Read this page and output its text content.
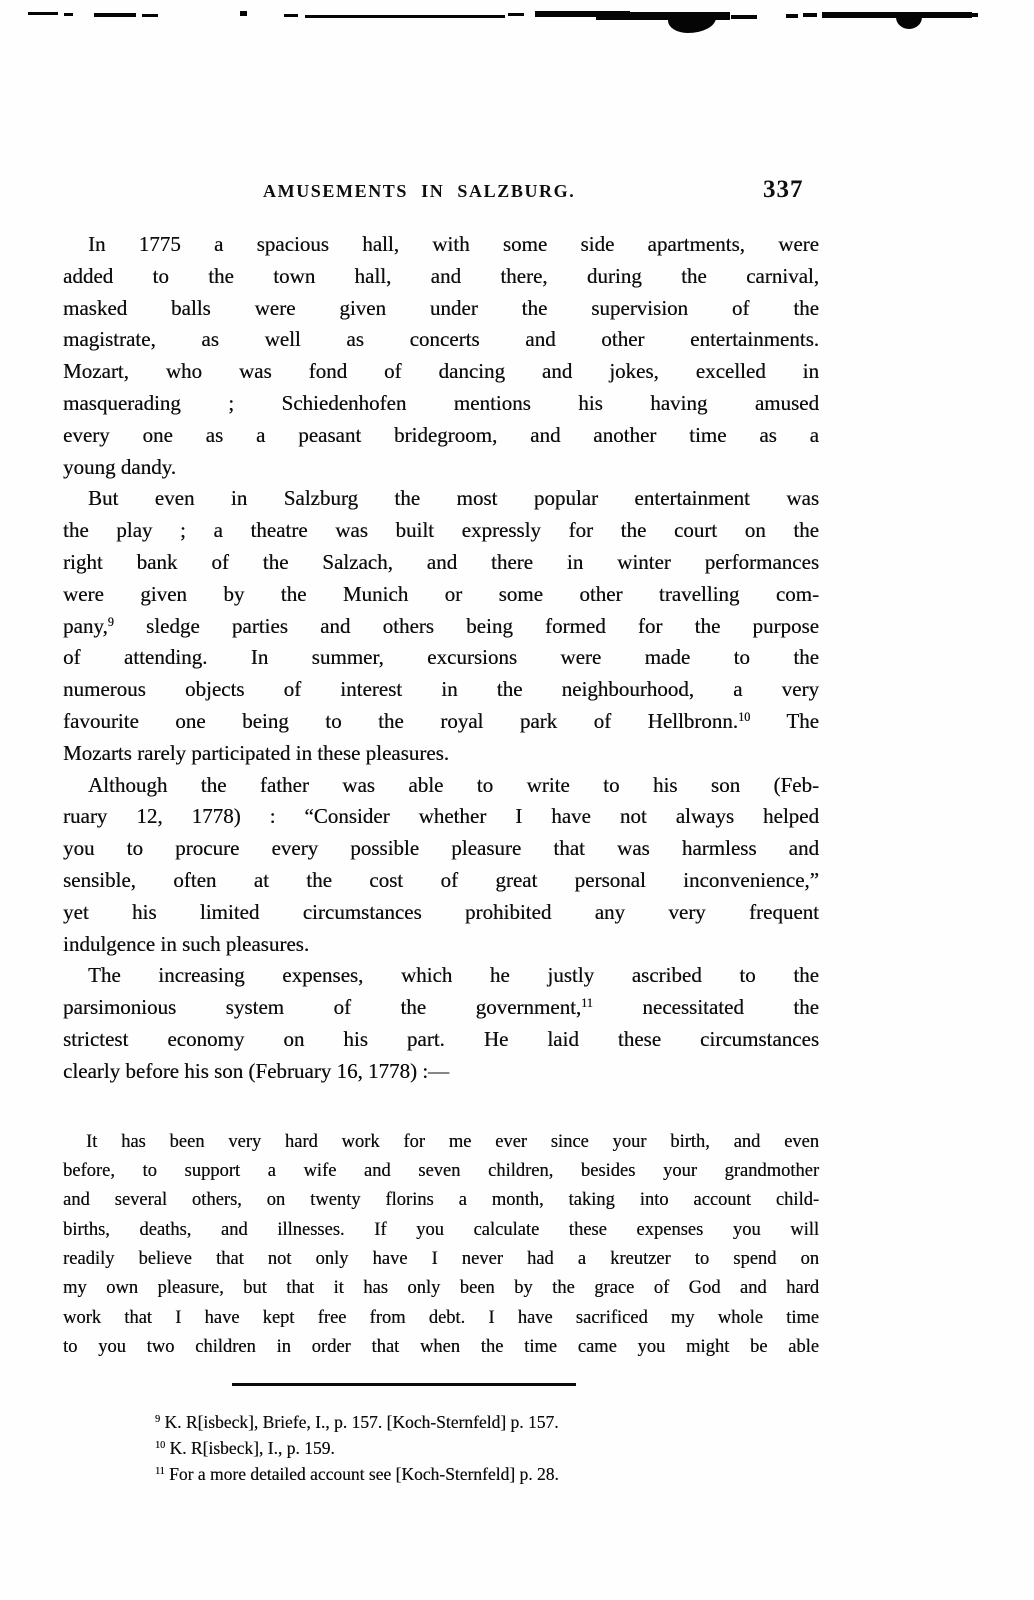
AMUSEMENTS IN SALZBURG.	337
In 1775 a spacious hall, with some side apartments, were
added to the town hall, and there, during the carnival,
masked balls were given under the supervision of the
magistrate, as well as concerts and other entertainments.
Mozart, who was fond of dancing and jokes, excelled in
masquerading ; Schiedenhofen mentions his having amused
every one as a peasant bridegroom, and another time as a
young dandy.
But even in Salzburg the most popular entertainment was
the play ; a theatre was built expressly for the court on the
right bank of the Salzach, and there in winter performances
were given by the Munich or some other travelling com-
pany,$^9$ sledge parties and others being formed for the purpose
of attending. In summer, excursions were made to the
numerous objects of interest in the neighbourhood, a very
favourite one being to the royal park of Hellbronn.$^{10}$ The
Mozarts rarely participated in these pleasures.
Although the father was able to write to his son (Feb-
ruary 12, 1778) : “Consider whether I have not always helped
you to procure every possible pleasure that was harmless and
sensible, often at the cost of great personal inconvenience,”
yet his limited circumstances prohibited any very frequent
indulgence in such pleasures.
The increasing expenses, which he justly ascribed to the
parsimonious system of the government,$^{11}$ necessitated the
strictest economy on his part. He laid these circumstances
clearly before his son (February 16, 1778) :—
It has been very hard work for me ever since your birth, and even
before, to support a wife and seven children, besides your grandmother
and several others, on twenty florins a month, taking into account child-
births, deaths, and illnesses. If you calculate these expenses you will
readily believe that not only have I never had a kreutzer to spend on
my own pleasure, but that it has only been by the grace of God and hard
work that I have kept free from debt. I have sacrificed my whole time
to you two children in order that when the time came you might be able
$^9$ K. R[isbeck], Briefe, I., p. 157. [Koch-Sternfeld] p. 157.
$^{10}$ K. R[isbeck], I., p. 159.
$^{11}$ For a more detailed account see [Koch-Sternfeld] p. 28.
